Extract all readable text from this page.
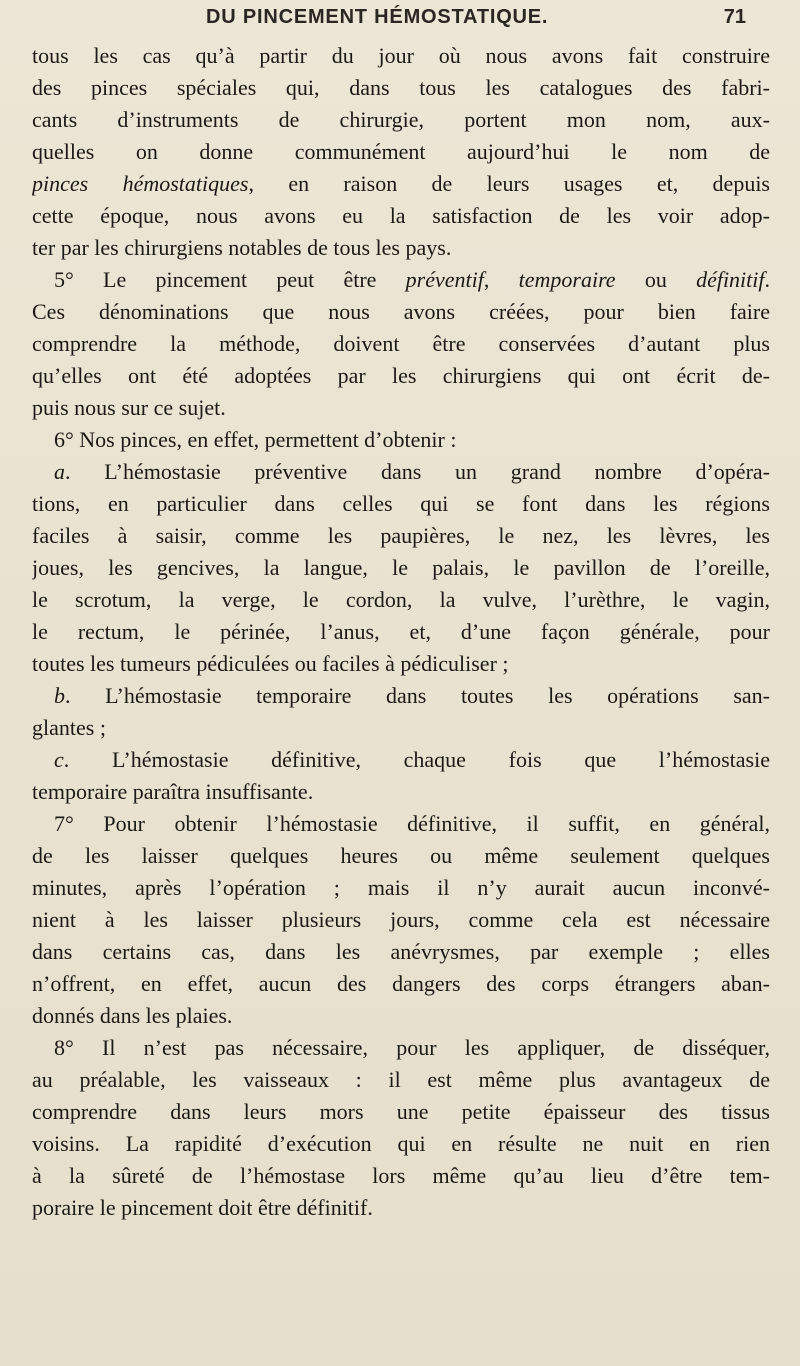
DU PINCEMENT HÉMOSTATIQUE.	71
tous les cas qu’à partir du jour où nous avons fait construire
des pinces spéciales qui, dans tous les catalogues des fabri-
cants d’instruments de chirurgie, portent mon nom, aux-
quelles on donne communément aujourd’hui le nom de
pinces hémostatiques, en raison de leurs usages et, depuis
cette époque, nous avons eu la satisfaction de les voir adop-
ter par les chirurgiens notables de tous les pays.
5° Le pincement peut être préventif, temporaire ou définitif.
Ces dénominations que nous avons créées, pour bien faire
comprendre la méthode, doivent être conservées d’autant plus
qu’elles ont été adoptées par les chirurgiens qui ont écrit de-
puis nous sur ce sujet.
6° Nos pinces, en effet, permettent d’obtenir :
a. L’hémostasie préventive dans un grand nombre d’opéra-
tions, en particulier dans celles qui se font dans les régions
faciles à saisir, comme les paupières, le nez, les lèvres, les
joues, les gencives, la langue, le palais, le pavillon de l’oreille,
le scrotum, la verge, le cordon, la vulve, l’urèthre, le vagin,
le rectum, le périnée, l’anus, et, d’une façon générale, pour
toutes les tumeurs pédiculées ou faciles à pédiculiser ;
b. L’hémostasie temporaire dans toutes les opérations san-
glantes ;
c. L’hémostasie définitive, chaque fois que l’hémostasie
temporaire paraîtra insuffisante.
7° Pour obtenir l’hémostasie définitive, il suffit, en général,
de les laisser quelques heures ou même seulement quelques
minutes, après l’opération ; mais il n’y aurait aucun inconvé-
nient à les laisser plusieurs jours, comme cela est nécessaire
dans certains cas, dans les anévrysmes, par exemple ; elles
n’offrent, en effet, aucun des dangers des corps étrangers aban-
donnés dans les plaies.
8° Il n’est pas nécessaire, pour les appliquer, de disséquer,
au préalable, les vaisseaux : il est même plus avantageux de
comprendre dans leurs mors une petite épaisseur des tissus
voisins. La rapidité d’exécution qui en résulte ne nuit en rien
à la sûreté de l’hémostase lors même qu’au lieu d’être tem-
poraire le pincement doit être définitif.
